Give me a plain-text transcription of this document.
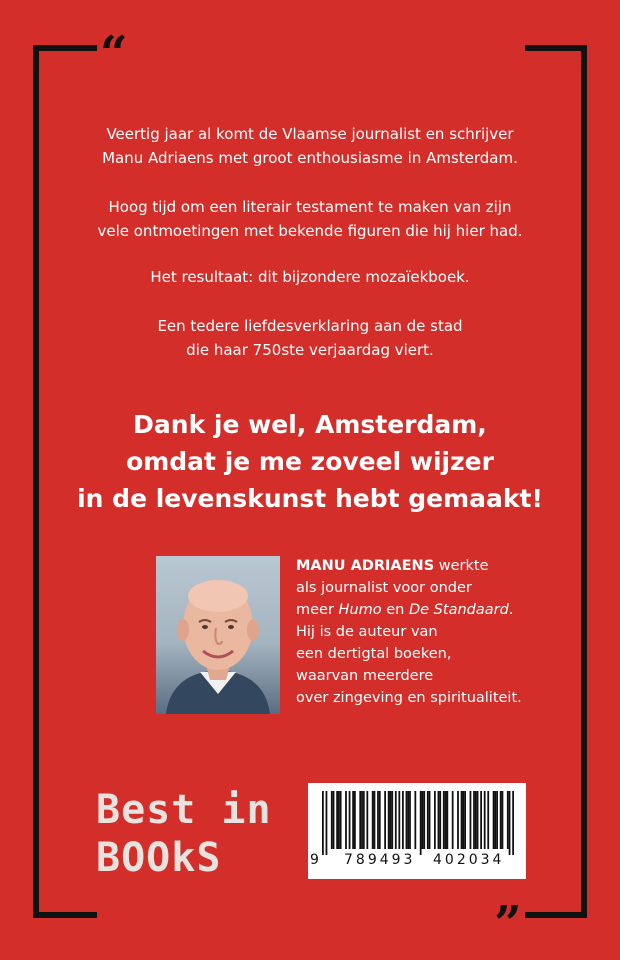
“
”
Veertig jaar al komt de Vlaamse journalist en schrijver
Manu Adriaens met groot enthousiasme in Amsterdam.
Hoog tijd om een literair testament te maken van zijn
vele ontmoetingen met bekende figuren die hij hier had.
Het resultaat: dit bijzondere mozaïekboek.
Een tedere liefdesverklaring aan de stad
die haar 750ste verjaardag viert.
Dank je wel, Amsterdam,
omdat je me zoveel wijzer
in de levenskunst hebt gemaakt!
MANU ADRIAENS werkte
als journalist voor onder
meer Humo en De Standaard.
Hij is de auteur van
een dertigtal boeken,
waarvan meerdere
over zingeving en spiritualiteit.
Best in
BOOkS	9 789493 402034
